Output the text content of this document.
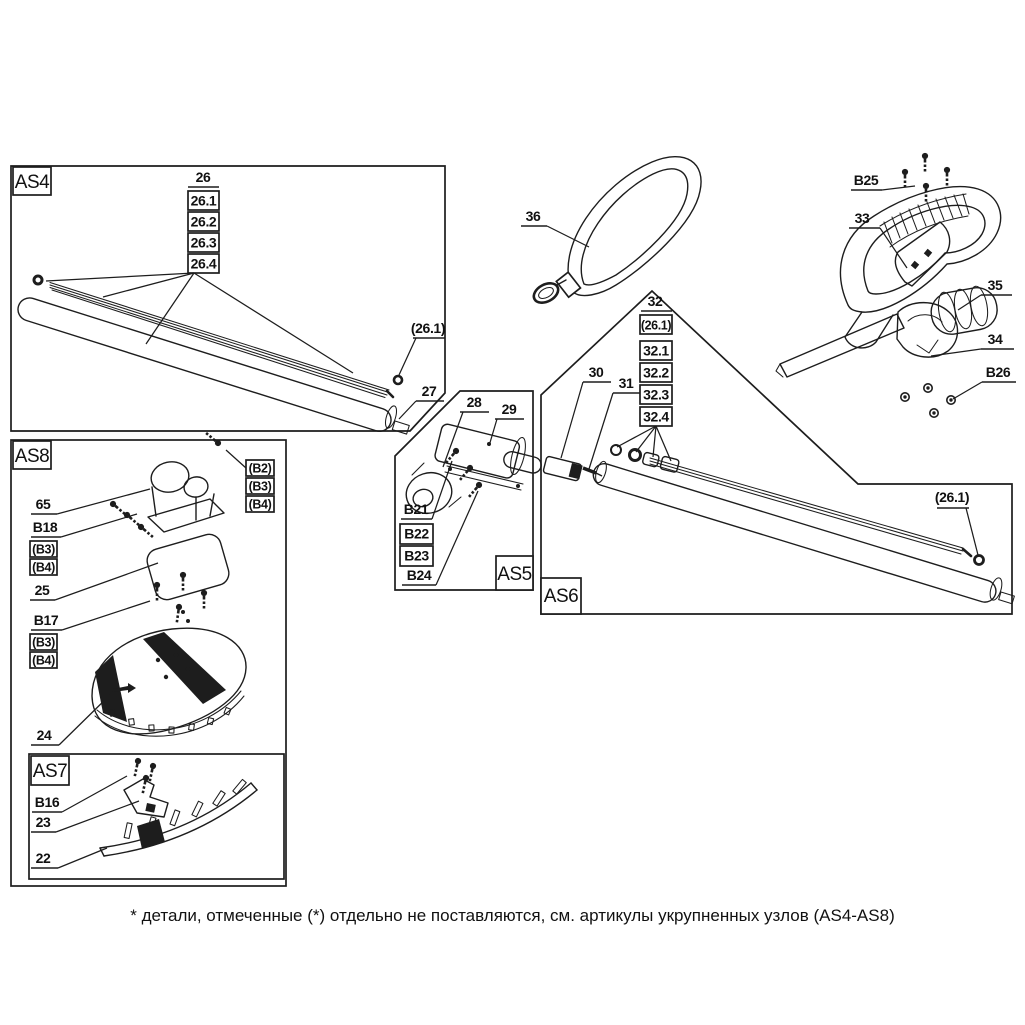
AS4	26
26.1
26.2
26.3
26.4
(26.1)
27
AS8
(B2)
(B3)
(B4)
65
B18
(B3)
(B4)
25
B17
(B3)
(B4)
24
AS7
B16
23
22
AS5
28 29
B21
B22
B23
B24
36
B25
33
35
34
B26
AS6
30
31
32
(26.1)
32.1
32.2
32.3
32.4
(26.1)
* детали, отмеченные (*) отдельно не поставляются, см. артикулы укрупненных узлов (AS4-AS8)
